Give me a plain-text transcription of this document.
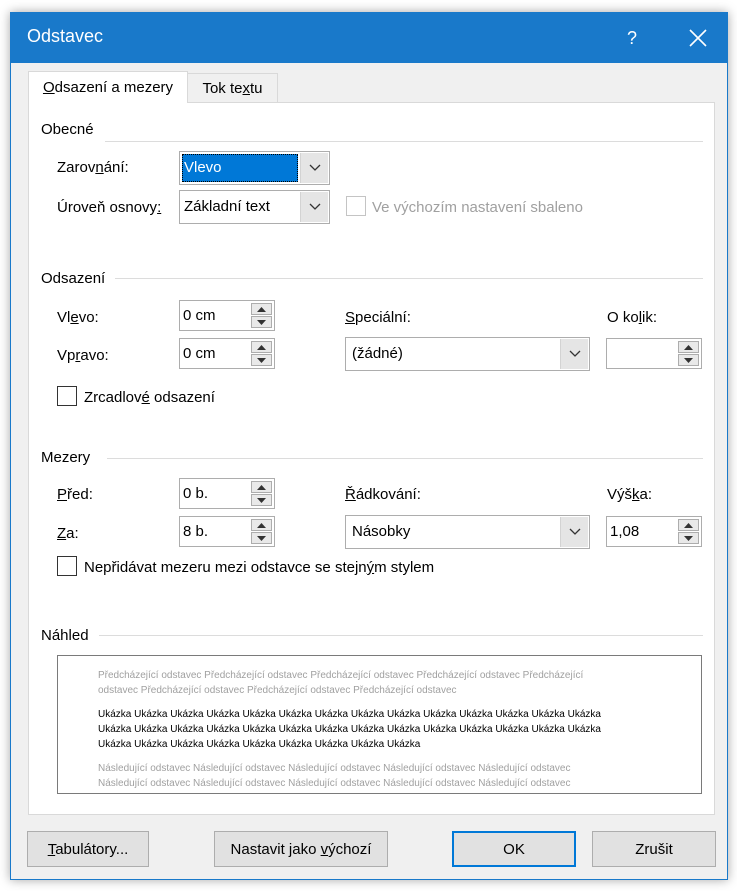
Odstavec	?
Odsazení a mezery Tok textu
Obecné
Zarovnání:	Vlevo
Úroveň osnovy: Základní text	Ve výchozím nastavení sbaleno
Odsazení
Vlevo:	0 cm
Vpravo:	0 cm
Speciální:
(žádné)
O kolik:
Zrcadlové odsazení
Mezery
Před:	0 b.
Za:	8 b.
Řádkování:
Násobky
Výška:
1,08
Nepřidávat mezeru mezi odstavce se stejným stylem
Náhled
Předcházející odstavec Předcházející odstavec Předcházející odstavec Předcházející odstavec Předcházející
odstavec Předcházející odstavec Předcházející odstavec Předcházející odstavec
Ukázka Ukázka Ukázka Ukázka Ukázka Ukázka Ukázka Ukázka Ukázka Ukázka Ukázka Ukázka Ukázka Ukázka
Ukázka Ukázka Ukázka Ukázka Ukázka Ukázka Ukázka Ukázka Ukázka Ukázka Ukázka Ukázka Ukázka Ukázka
Ukázka Ukázka Ukázka Ukázka Ukázka Ukázka Ukázka Ukázka Ukázka
Následující odstavec Následující odstavec Následující odstavec Následující odstavec Následující odstavec
Následující odstavec Následující odstavec Následující odstavec Následující odstavec Následující odstavec
Tabulátory...	Nastavit jako výchozí	OK	Zrušit
